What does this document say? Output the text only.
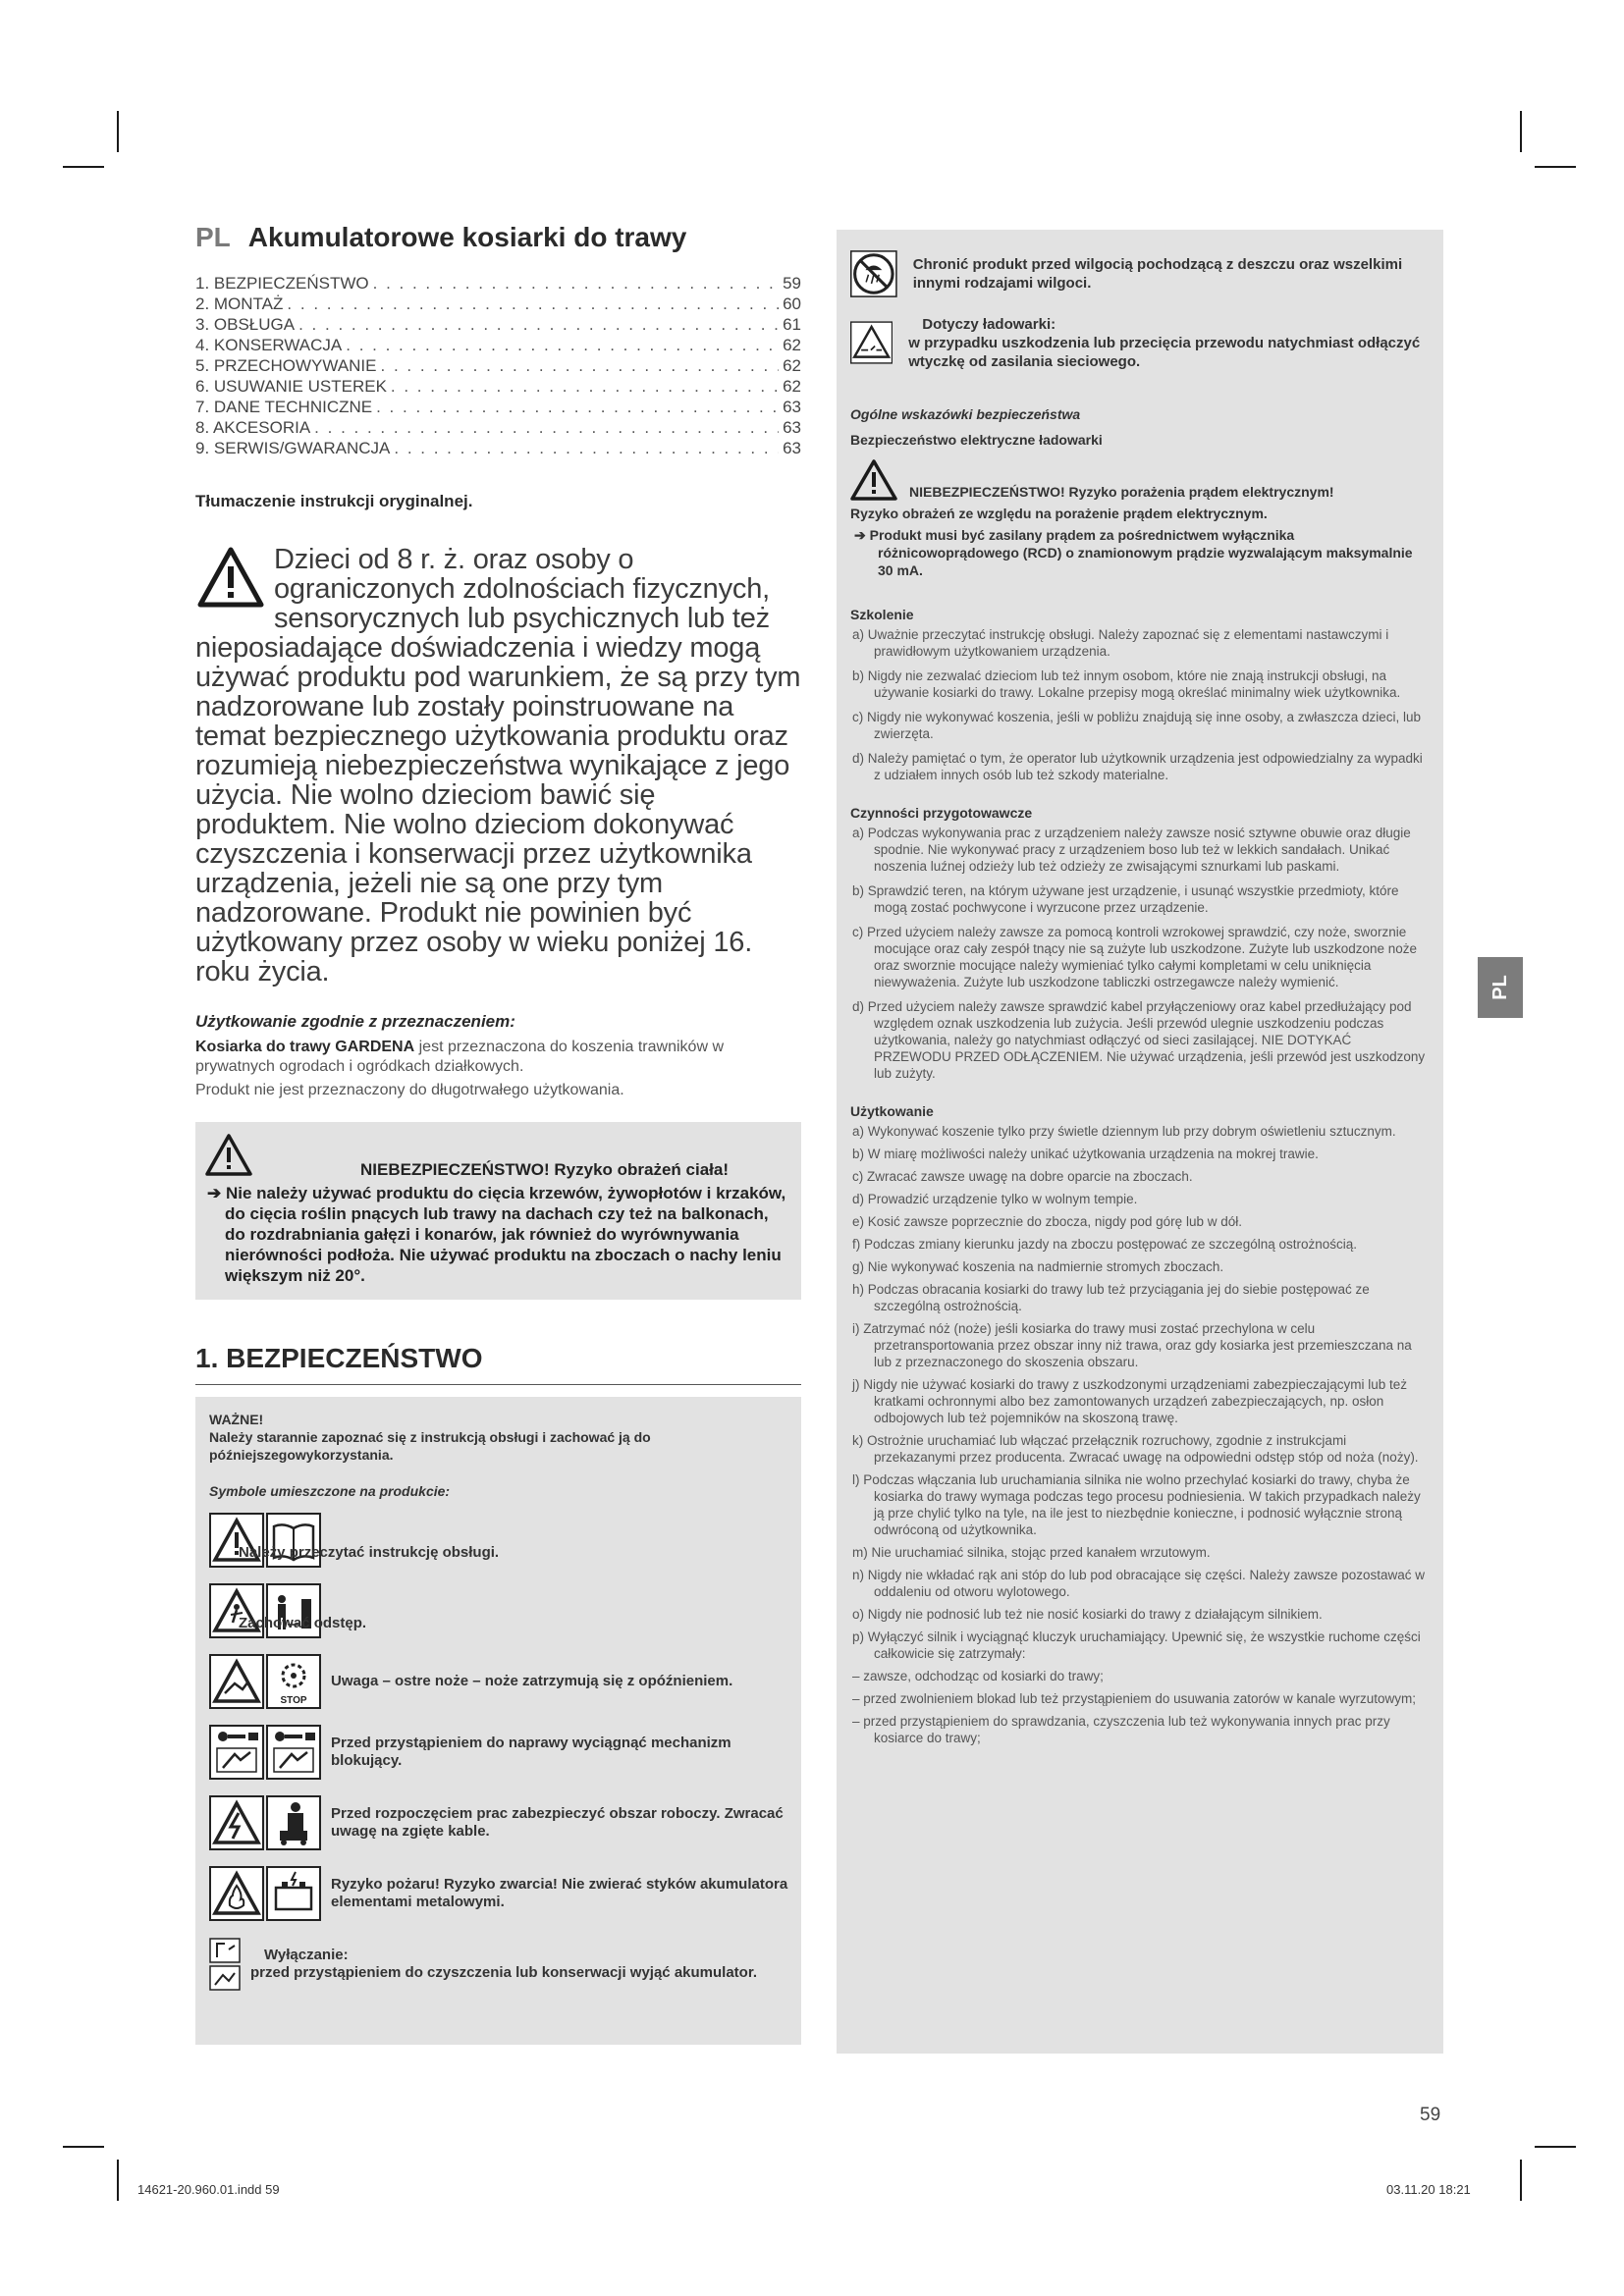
PL Akumulatorowe kosiarki do trawy
1. BEZPIECZEŃSTWO . . .	59
2. MONTAŻ . . .	60
3. OBSŁUGA . . .	61
4. KONSERWACJA . . .	62
5. PRZECHOWYWANIE . . .	62
6. USUWANIE USTEREK . . .	62
7. DANE TECHNICZNE . . .	63
8. AKCESORIA . . .	63
9. SERWIS/GWARANCJA . . .	63
Tłumaczenie instrukcji oryginalnej.
Dzieci od 8 r. ż. oraz osoby o ograniczonych zdolnościach fizycznych, sensorycznych lub psychicznych lub też nieposiadające doświadczenia i wiedzy mogą używać produktu pod warunkiem, że są przy tym nadzorowane lub zostały poinstruowane na temat bezpiecznego użytkowania produktu oraz rozumieją niebezpieczeństwa wynikające z jego użycia. Nie wolno dzieciom bawić się produktem. Nie wolno dzieciom dokonywać czyszczenia i konserwacji przez użytkownika urządzenia, jeżeli nie są one przy tym nadzorowane. Produkt nie powinien być użytkowany przez osoby w wieku poniżej 16. roku życia.
Użytkowanie zgodnie z przeznaczeniem:
Kosiarka do trawy GARDENA jest przeznaczona do koszenia trawników w prywatnych ogrodach i ogródkach działkowych.
Produkt nie jest przeznaczony do długotrwałego użytkowania.
NIEBEZPIECZEŃSTWO! Ryzyko obrażeń ciała!
➔ Nie należy używać produktu do cięcia krzewów, żywopłotów i krzaków, do cięcia roślin pnących lub trawy na dachach czy też na balkonach, do rozdrabniania gałęzi i konarów, jak również do wyrównywania nierówności podłoża. Nie używać produktu na zboczach o nachy leniu większym niż 20°.
1. BEZPIECZEŃSTWO
WAŻNE!
Należy starannie zapoznać się z instrukcją obsługi i zachować ją do późniejszegowykorzystania.
Symbole umieszczone na produkcie:
Należy przeczytać instrukcję obsługi.
Zachować odstęp.
STOP
Uwaga – ostre noże – noże zatrzymują się z opóźnieniem.
Przed przystąpieniem do naprawy wyciągnąć mechanizm blokujący.
Przed rozpoczęciem prac zabezpieczyć obszar roboczy. Zwracać uwagę na zgięte kable.
Ryzyko pożaru! Ryzyko zwarcia! Nie zwierać styków akumulatora elementami metalowymi.
Wyłączanie:
przed przystąpieniem do czyszczenia lub konserwacji wyjąć akumulator.
Chronić produkt przed wilgocią pochodzącą z deszczu oraz wszelkimi innymi rodzajami wilgoci.
Dotyczy ładowarki:
w przypadku uszkodzenia lub przecięcia przewodu natychmiast odłączyć wtyczkę od zasilania sieciowego.
Ogólne wskazówki bezpieczeństwa
Bezpieczeństwo elektryczne ładowarki
NIEBEZPIECZEŃSTWO! Ryzyko porażenia prądem elektrycznym!
Ryzyko obrażeń ze względu na porażenie prądem elektrycznym.
➔ Produkt musi być zasilany prądem za pośrednictwem wyłącznika różnicowoprądowego (RCD) o znamionowym prądzie wyzwalającym maksymalnie 30 mA.
Szkolenie
a) Uważnie przeczytać instrukcję obsługi. Należy zapoznać się z elementami nastawczymi i prawidłowym użytkowaniem urządzenia.
b) Nigdy nie zezwalać dzieciom lub też innym osobom, które nie znają instrukcji obsługi, na używanie kosiarki do trawy. Lokalne przepisy mogą określać minimalny wiek użytkownika.
c) Nigdy nie wykonywać koszenia, jeśli w pobliżu znajdują się inne osoby, a zwłaszcza dzieci, lub zwierzęta.
d) Należy pamiętać o tym, że operator lub użytkownik urządzenia jest odpowiedzialny za wypadki z udziałem innych osób lub też szkody materialne.
Czynności przygotowawcze
a) Podczas wykonywania prac z urządzeniem należy zawsze nosić sztywne obuwie oraz długie spodnie. Nie wykonywać pracy z urządzeniem boso lub też w lekkich sandałach. Unikać noszenia luźnej odzieży lub też odzieży ze zwisającymi sznurkami lub paskami.
b) Sprawdzić teren, na którym używane jest urządzenie, i usunąć wszystkie przedmioty, które mogą zostać pochwycone i wyrzucone przez urządzenie.
c) Przed użyciem należy zawsze za pomocą kontroli wzrokowej sprawdzić, czy noże, sworznie mocujące oraz cały zespół tnący nie są zużyte lub uszkodzone. Zużyte lub uszkodzone noże oraz sworznie mocujące należy wymieniać tylko całymi kompletami w celu uniknięcia niewyważenia. Zużyte lub uszkodzone tabliczki ostrzegawcze należy wymienić.
d) Przed użyciem należy zawsze sprawdzić kabel przyłączeniowy oraz kabel przedłużający pod względem oznak uszkodzenia lub zużycia. Jeśli przewód ulegnie uszkodzeniu podczas użytkowania, należy go natychmiast odłączyć od sieci zasilającej. NIE DOTYKAĆ PRZEWODU PRZED ODŁĄCZENIEM. Nie używać urządzenia, jeśli przewód jest uszkodzony lub zużyty.
Użytkowanie
a) Wykonywać koszenie tylko przy świetle dziennym lub przy dobrym oświetleniu sztucznym.
b) W miarę możliwości należy unikać użytkowania urządzenia na mokrej trawie.
c) Zwracać zawsze uwagę na dobre oparcie na zboczach.
d) Prowadzić urządzenie tylko w wolnym tempie.
e) Kosić zawsze poprzecznie do zbocza, nigdy pod górę lub w dół.
f) Podczas zmiany kierunku jazdy na zboczu postępować ze szczególną ostrożnością.
g) Nie wykonywać koszenia na nadmiernie stromych zboczach.
h) Podczas obracania kosiarki do trawy lub też przyciągania jej do siebie postępować ze szczególną ostrożnością.
i) Zatrzymać nóż (noże) jeśli kosiarka do trawy musi zostać przechylona w celu przetransportowania przez obszar inny niż trawa, oraz gdy kosiarka jest przemieszczana na lub z przeznaczonego do skoszenia obszaru.
j) Nigdy nie używać kosiarki do trawy z uszkodzonymi urządzeniami zabezpieczającymi lub też kratkami ochronnymi albo bez zamontowanych urządzeń zabezpieczających, np. osłon odbojowych lub też pojemników na skoszoną trawę.
k) Ostrożnie uruchamiać lub włączać przełącznik rozruchowy, zgodnie z instrukcjami przekazanymi przez producenta. Zwracać uwagę na odpowiedni odstęp stóp od noża (noży).
l) Podczas włączania lub uruchamiania silnika nie wolno przechylać kosiarki do trawy, chyba że kosiarka do trawy wymaga podczas tego procesu podniesienia. W takich przypadkach należy ją prze chylić tylko na tyle, na ile jest to niezbędnie konieczne, i podnosić wyłącznie stroną odwróconą od użytkownika.
m) Nie uruchamiać silnika, stojąc przed kanałem wrzutowym.
n) Nigdy nie wkładać rąk ani stóp do lub pod obracające się części. Należy zawsze pozostawać w oddaleniu od otworu wylotowego.
o) Nigdy nie podnosić lub też nie nosić kosiarki do trawy z działającym silnikiem.
p) Wyłączyć silnik i wyciągnąć kluczyk uruchamiający. Upewnić się, że wszystkie ruchome części całkowicie się zatrzymały:
– zawsze, odchodząc od kosiarki do trawy;
– przed zwolnieniem blokad lub też przystąpieniem do usuwania zatorów w kanale wyrzutowym;
– przed przystąpieniem do sprawdzania, czyszczenia lub też wykonywania innych prac przy kosiarce do trawy;
PL
59
14621-20.960.01.indd 59	03.11.20 18:21
